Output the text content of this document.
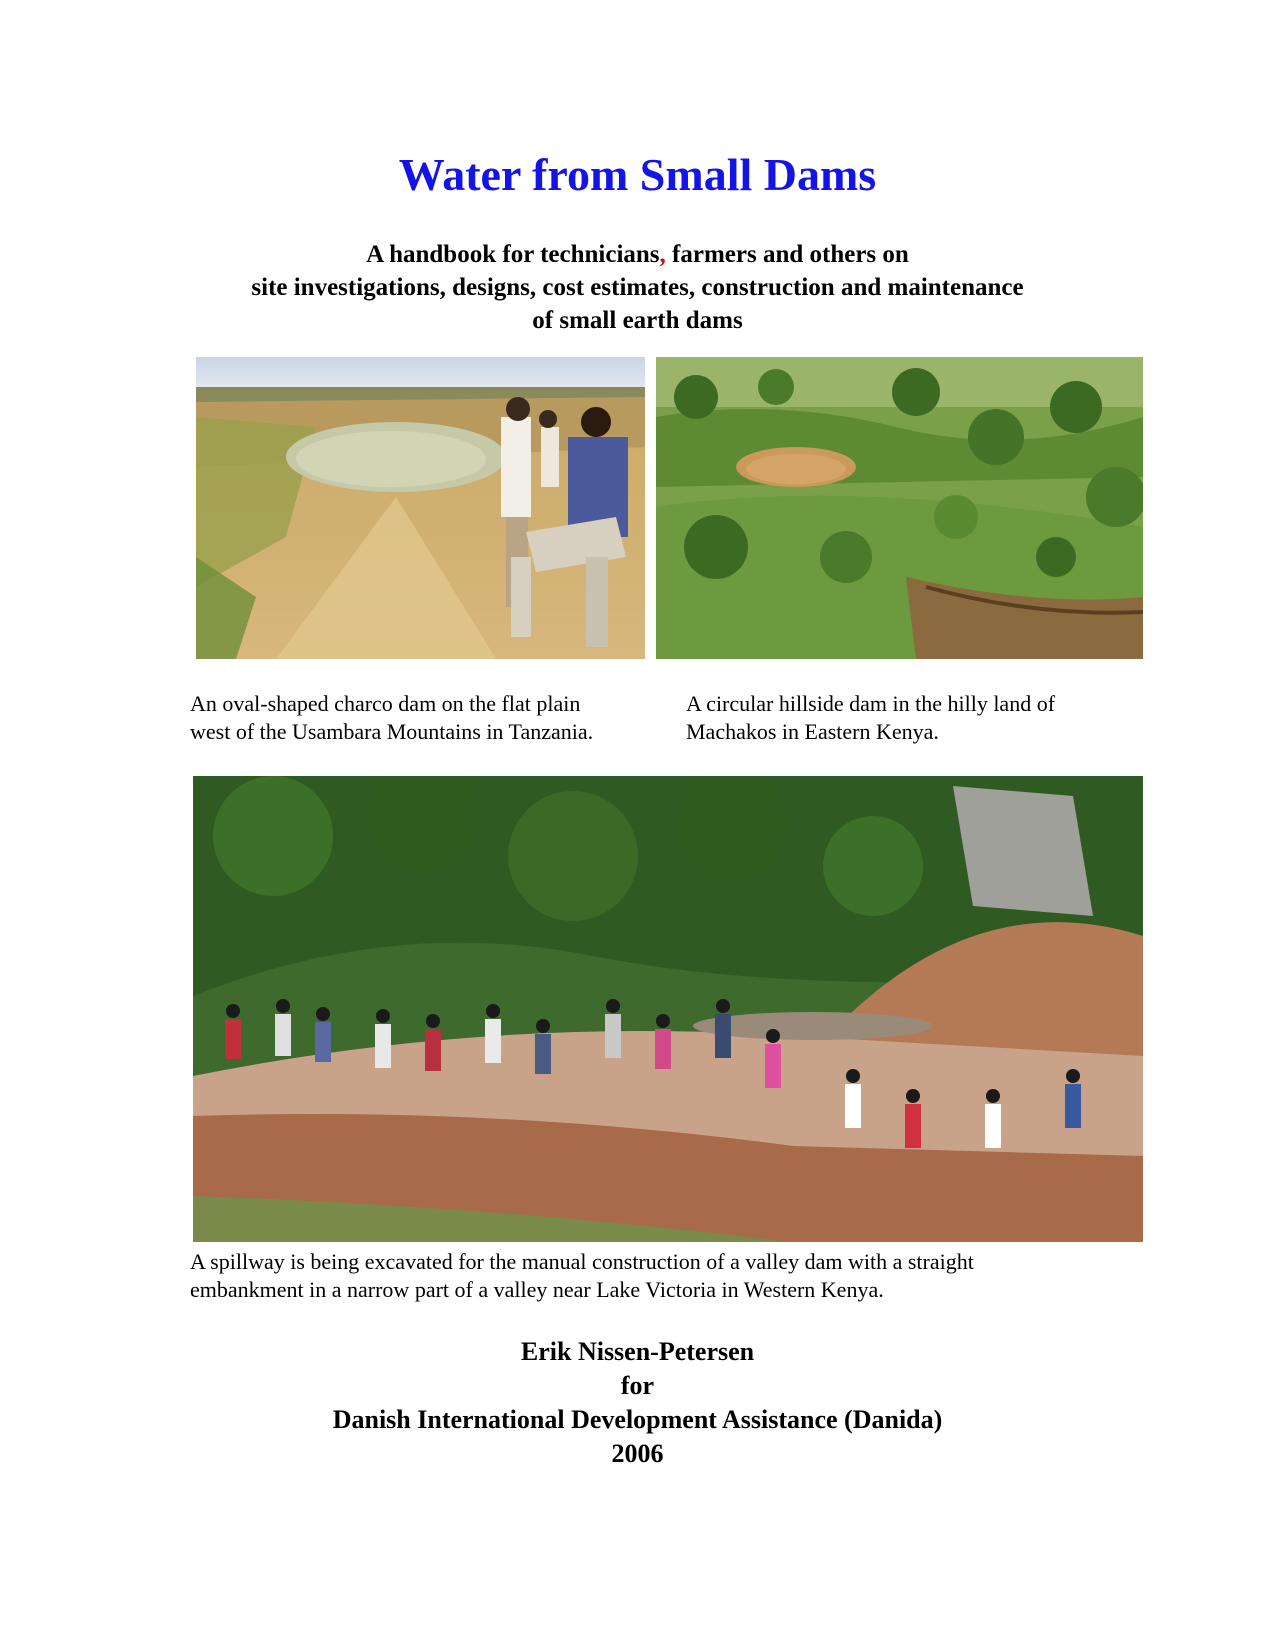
Water from Small Dams
A handbook for technicians, farmers and others on
site investigations, designs, cost estimates, construction and maintenance
of small earth dams
An oval-shaped charco dam on the flat plain
west of the Usambara Mountains in Tanzania.
A circular hillside dam in the hilly land of
Machakos in Eastern Kenya.
A spillway is being excavated for the manual construction of a valley dam with a straight
embankment in a narrow part of a valley near Lake Victoria in Western Kenya.
Erik Nissen-Petersen
for
Danish International Development Assistance (Danida)
2006
